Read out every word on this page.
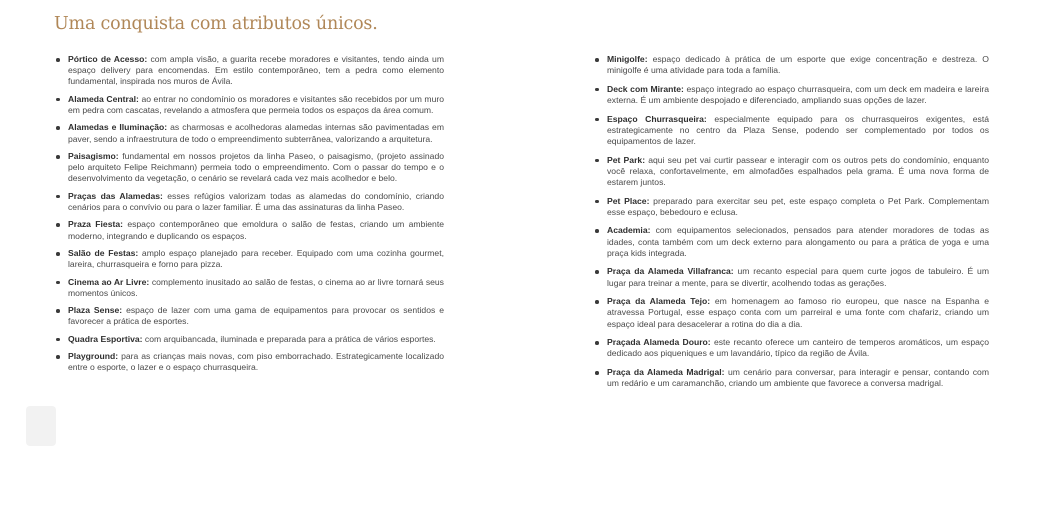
Uma conquista com atributos únicos.
Pórtico de Acesso: com ampla visão, a guarita recebe moradores e visitantes, tendo ainda um espaço delivery para encomendas. Em estilo contemporâneo, tem a pedra como elemento fundamental, inspirada nos muros de Ávila.
Alameda Central: ao entrar no condomínio os moradores e visitantes são recebidos por um muro em pedra com cascatas, revelando a atmosfera que permeia todos os espaços da área comum.
Alamedas e Iluminação: as charmosas e acolhedoras alamedas internas são pavimentadas em paver, sendo a infraestrutura de todo o empreendimento subterrânea, valorizando a arquitetura.
Paisagismo: fundamental em nossos projetos da linha Paseo, o paisagismo, (projeto assinado pelo arquiteto Felipe Reichmann) permeia todo o empreendimento. Com o passar do tempo e o desenvolvimento da vegetação, o cenário se revelará cada vez mais acolhedor e belo.
Praças das Alamedas: esses refúgios valorizam todas as alamedas do condomínio, criando cenários para o convívio ou para o lazer familiar. É uma das assinaturas da linha Paseo.
Praza Fiesta: espaço contemporâneo que emoldura o salão de festas, criando um ambiente moderno, integrando e duplicando os espaços.
Salão de Festas: amplo espaço planejado para receber. Equipado com uma cozinha gourmet, lareira, churrasqueira e forno para pizza.
Cinema ao Ar Livre: complemento inusitado ao salão de festas, o cinema ao ar livre tornará seus momentos únicos.
Plaza Sense: espaço de lazer com uma gama de equipamentos para provocar os sentidos e favorecer a prática de esportes.
Quadra Esportiva: com arquibancada, iluminada e preparada para a prática de vários esportes.
Playground: para as crianças mais novas, com piso emborrachado. Estrategicamente localizado entre o esporte, o lazer e o espaço churrasqueira.
Minigolfe: espaço dedicado à prática de um esporte que exige concentração e destreza. O minigolfe é uma atividade para toda a família.
Deck com Mirante: espaço integrado ao espaço churrasqueira, com um deck em madeira e lareira externa. É um ambiente despojado e diferenciado, ampliando suas opções de lazer.
Espaço Churrasqueira: especialmente equipado para os churrasqueiros exigentes, está estrategicamente no centro da Plaza Sense, podendo ser complementado por todos os equipamentos de lazer.
Pet Park: aqui seu pet vai curtir passear e interagir com os outros pets do condomínio, enquanto você relaxa, confortavelmente, em almofadões espalhados pela grama. É uma nova forma de estarem juntos.
Pet Place: preparado para exercitar seu pet, este espaço completa o Pet Park. Complementam esse espaço, bebedouro e eclusa.
Academia: com equipamentos selecionados, pensados para atender moradores de todas as idades, conta também com um deck externo para alongamento ou para a prática de yoga e uma praça kids integrada.
Praça da Alameda Villafranca: um recanto especial para quem curte jogos de tabuleiro. É um lugar para treinar a mente, para se divertir, acolhendo todas as gerações.
Praça da Alameda Tejo: em homenagem ao famoso rio europeu, que nasce na Espanha e atravessa Portugal, esse espaço conta com um parreiral e uma fonte com chafariz, criando um espaço ideal para desacelerar a rotina do dia a dia.
Praçada Alameda Douro: este recanto oferece um canteiro de temperos aromáticos, um espaço dedicado aos piqueniques e um lavandário, típico da região de Ávila.
Praça da Alameda Madrigal: um cenário para conversar, para interagir e pensar, contando com um redário e um caramanchão, criando um ambiente que favorece a conversa madrigal.
